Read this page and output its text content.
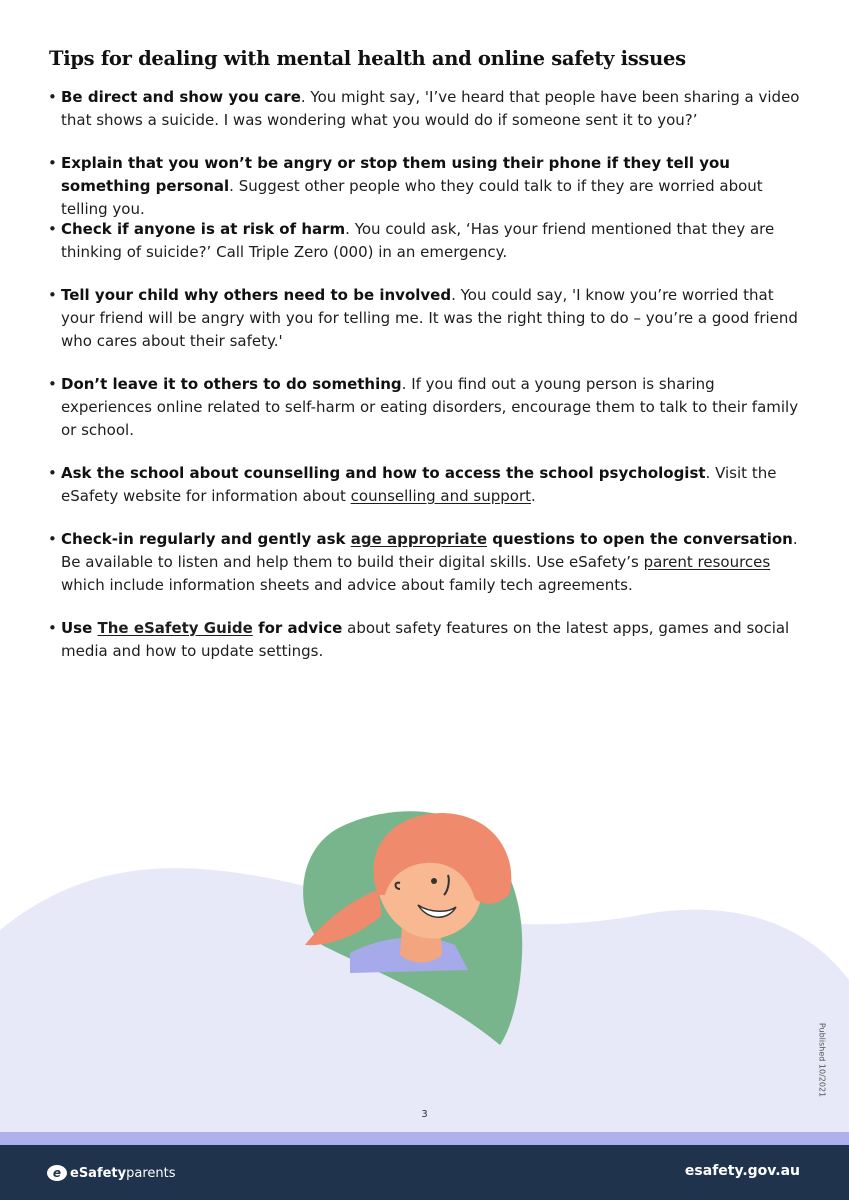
Tips for dealing with mental health and online safety issues
• Be direct and show you care. You might say, 'I’ve heard that people have been sharing a video that shows a suicide. I was wondering what you would do if someone sent it to you?’
• Explain that you won’t be angry or stop them using their phone if they tell you something personal. Suggest other people who they could talk to if they are worried about telling you.
• Check if anyone is at risk of harm. You could ask, ‘Has your friend mentioned that they are thinking of suicide?’ Call Triple Zero (000) in an emergency.
• Tell your child why others need to be involved. You could say, 'I know you’re worried that your friend will be angry with you for telling me. It was the right thing to do – you’re a good friend who cares about their safety.'
• Don’t leave it to others to do something. If you find out a young person is sharing experiences online related to self-harm or eating disorders, encourage them to talk to their family or school.
• Ask the school about counselling and how to access the school psychologist. Visit the eSafety website for information about counselling and support.
• Check-in regularly and gently ask age appropriate questions to open the conversation. Be available to listen and help them to build their digital skills. Use eSafety’s parent resources which include information sheets and advice about family tech agreements.
• Use The eSafety Guide for advice about safety features on the latest apps, games and social media and how to update settings.
Published 10/2021
3
e eSafety parents	esafety.gov.au
